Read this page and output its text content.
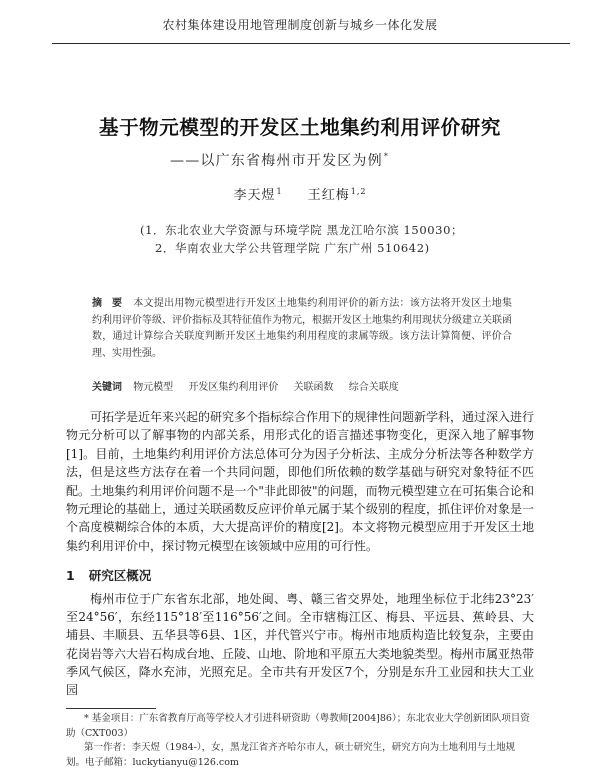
农村集体建设用地管理制度创新与城乡一体化发展
基于物元模型的开发区土地集约利用评价研究
——以广东省梅州市开发区为例*
李天煜$^1$ 王红梅$^{1,2}$
(1．东北农业大学资源与环境学院 黑龙江哈尔滨 150030；
2．华南农业大学公共管理学院 广东广州 510642)
摘 要 本文提出用物元模型进行开发区土地集约利用评价的新方法：该方法将开发区土地集约利用评价等级、评价指标及其特征值作为物元，根据开发区土地集约利用现状分级建立关联函数，通过计算综合关联度判断开发区土地集约利用程度的隶属等级。该方法计算简便、评价合理、实用性强。
关键词 物元模型 开发区集约利用评价 关联函数 综合关联度
可拓学是近年来兴起的研究多个指标综合作用下的规律性问题新学科，通过深入进行物元分析可以了解事物的内部关系，用形式化的语言描述事物变化，更深入地了解事物[1]。目前，土地集约利用评价方法总体可分为因子分析法、主成分分析法等各种数学方法，但是这些方法存在着一个共同问题，即他们所依赖的数学基础与研究对象特征不匹配。土地集约利用评价问题不是一个"非此即彼"的问题，而物元模型建立在可拓集合论和物元理论的基础上，通过关联函数反应评价单元属于某个级别的程度，抓住评价对象是一个高度模糊综合体的本质，大大提高评价的精度[2]。本文将物元模型应用于开发区土地集约利用评价中，探讨物元模型在该领域中应用的可行性。
1 研究区概况
梅州市位于广东省东北部，地处闽、粤、赣三省交界处，地理坐标位于北纬23°23′至24°56′，东经115°18′至116°56′之间。全市辖梅江区、梅县、平远县、蕉岭县、大埔县、丰顺县、五华县等6县、1区，并代管兴宁市。梅州市地质构造比较复杂，主要由花岗岩等六大岩石构成台地、丘陵、山地、阶地和平原五大类地貌类型。梅州市属亚热带季风气候区，降水充沛，光照充足。全市共有开发区7个，分别是东升工业园和扶大工业园

* 基金项目：广东省教育厅高等学校人才引进科研资助（粤教师[2004]86）；东北农业大学创新团队项目资助（CXT003）

第一作者：李天煜（1984-），女，黑龙江省齐齐哈尔市人，硕士研究生，研究方向为土地利用与土地规划。电子邮箱：luckytianyu@126.com
